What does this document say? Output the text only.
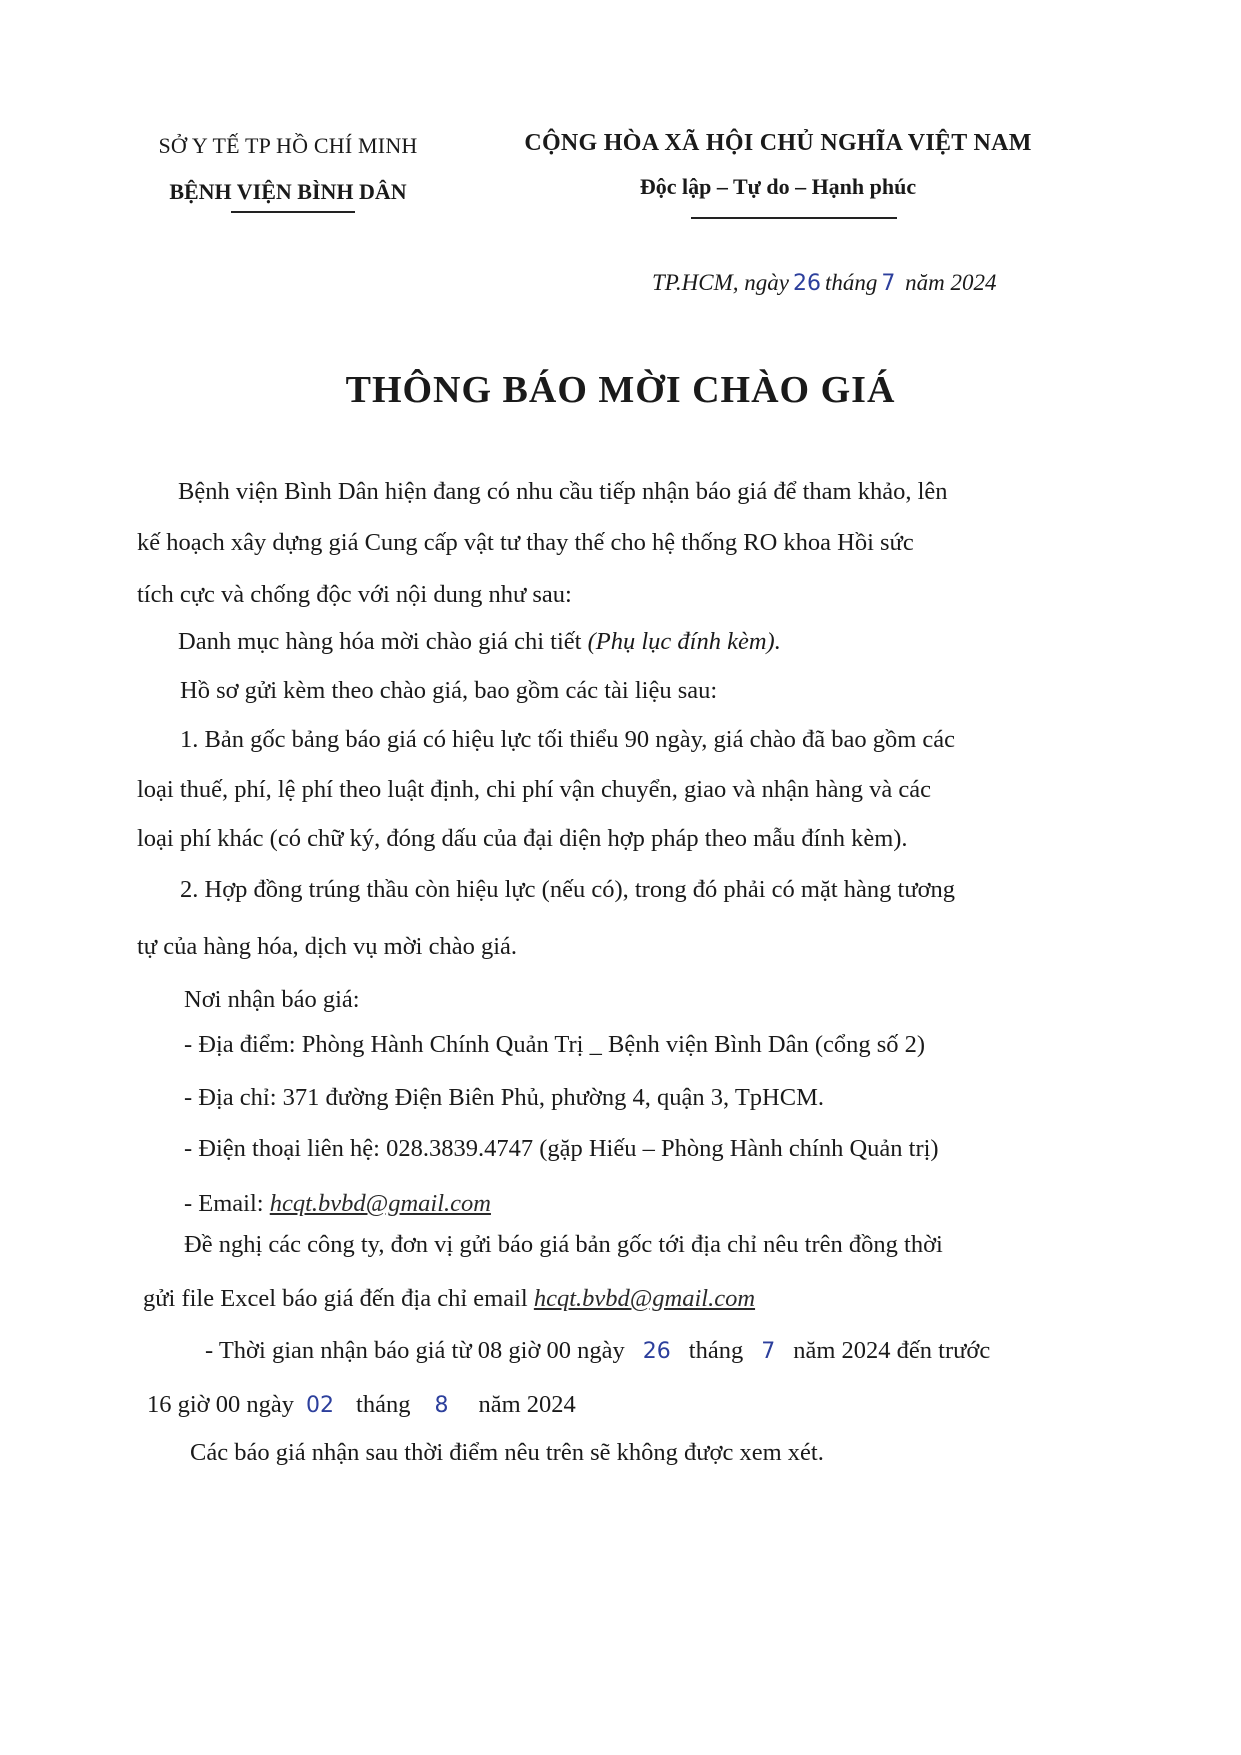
SỞ Y TẾ TP HỒ CHÍ MINH
BỆNH VIỆN BÌNH DÂN
CỘNG HÒA XÃ HỘI CHỦ NGHĨA VIỆT NAM
Độc lập – Tự do – Hạnh phúc
TP.HCM, ngày 26 tháng 7 năm 2024
THÔNG BÁO MỜI CHÀO GIÁ
Bệnh viện Bình Dân hiện đang có nhu cầu tiếp nhận báo giá để tham khảo, lên
kế hoạch xây dựng giá Cung cấp vật tư thay thế cho hệ thống RO khoa Hồi sức
tích cực và chống độc với nội dung như sau:
Danh mục hàng hóa mời chào giá chi tiết (Phụ lục đính kèm).
Hồ sơ gửi kèm theo chào giá, bao gồm các tài liệu sau:
1. Bản gốc bảng báo giá có hiệu lực tối thiểu 90 ngày, giá chào đã bao gồm các
loại thuế, phí, lệ phí theo luật định, chi phí vận chuyển, giao và nhận hàng và các
loại phí khác (có chữ ký, đóng dấu của đại diện hợp pháp theo mẫu đính kèm).
2. Hợp đồng trúng thầu còn hiệu lực (nếu có), trong đó phải có mặt hàng tương
tự của hàng hóa, dịch vụ mời chào giá.
Nơi nhận báo giá:
- Địa điểm: Phòng Hành Chính Quản Trị _ Bệnh viện Bình Dân (cổng số 2)
- Địa chỉ: 371 đường Điện Biên Phủ, phường 4, quận 3, TpHCM.
- Điện thoại liên hệ: 028.3839.4747 (gặp Hiếu – Phòng Hành chính Quản trị)
- Email: hcqt.bvbd@gmail.com
Đề nghị các công ty, đơn vị gửi báo giá bản gốc tới địa chỉ nêu trên đồng thời
gửi file Excel báo giá đến địa chỉ email hcqt.bvbd@gmail.com
- Thời gian nhận báo giá từ 08 giờ 00 ngày 26 tháng 7 năm 2024 đến trước
16 giờ 00 ngày 02 tháng 8 năm 2024
Các báo giá nhận sau thời điểm nêu trên sẽ không được xem xét.
